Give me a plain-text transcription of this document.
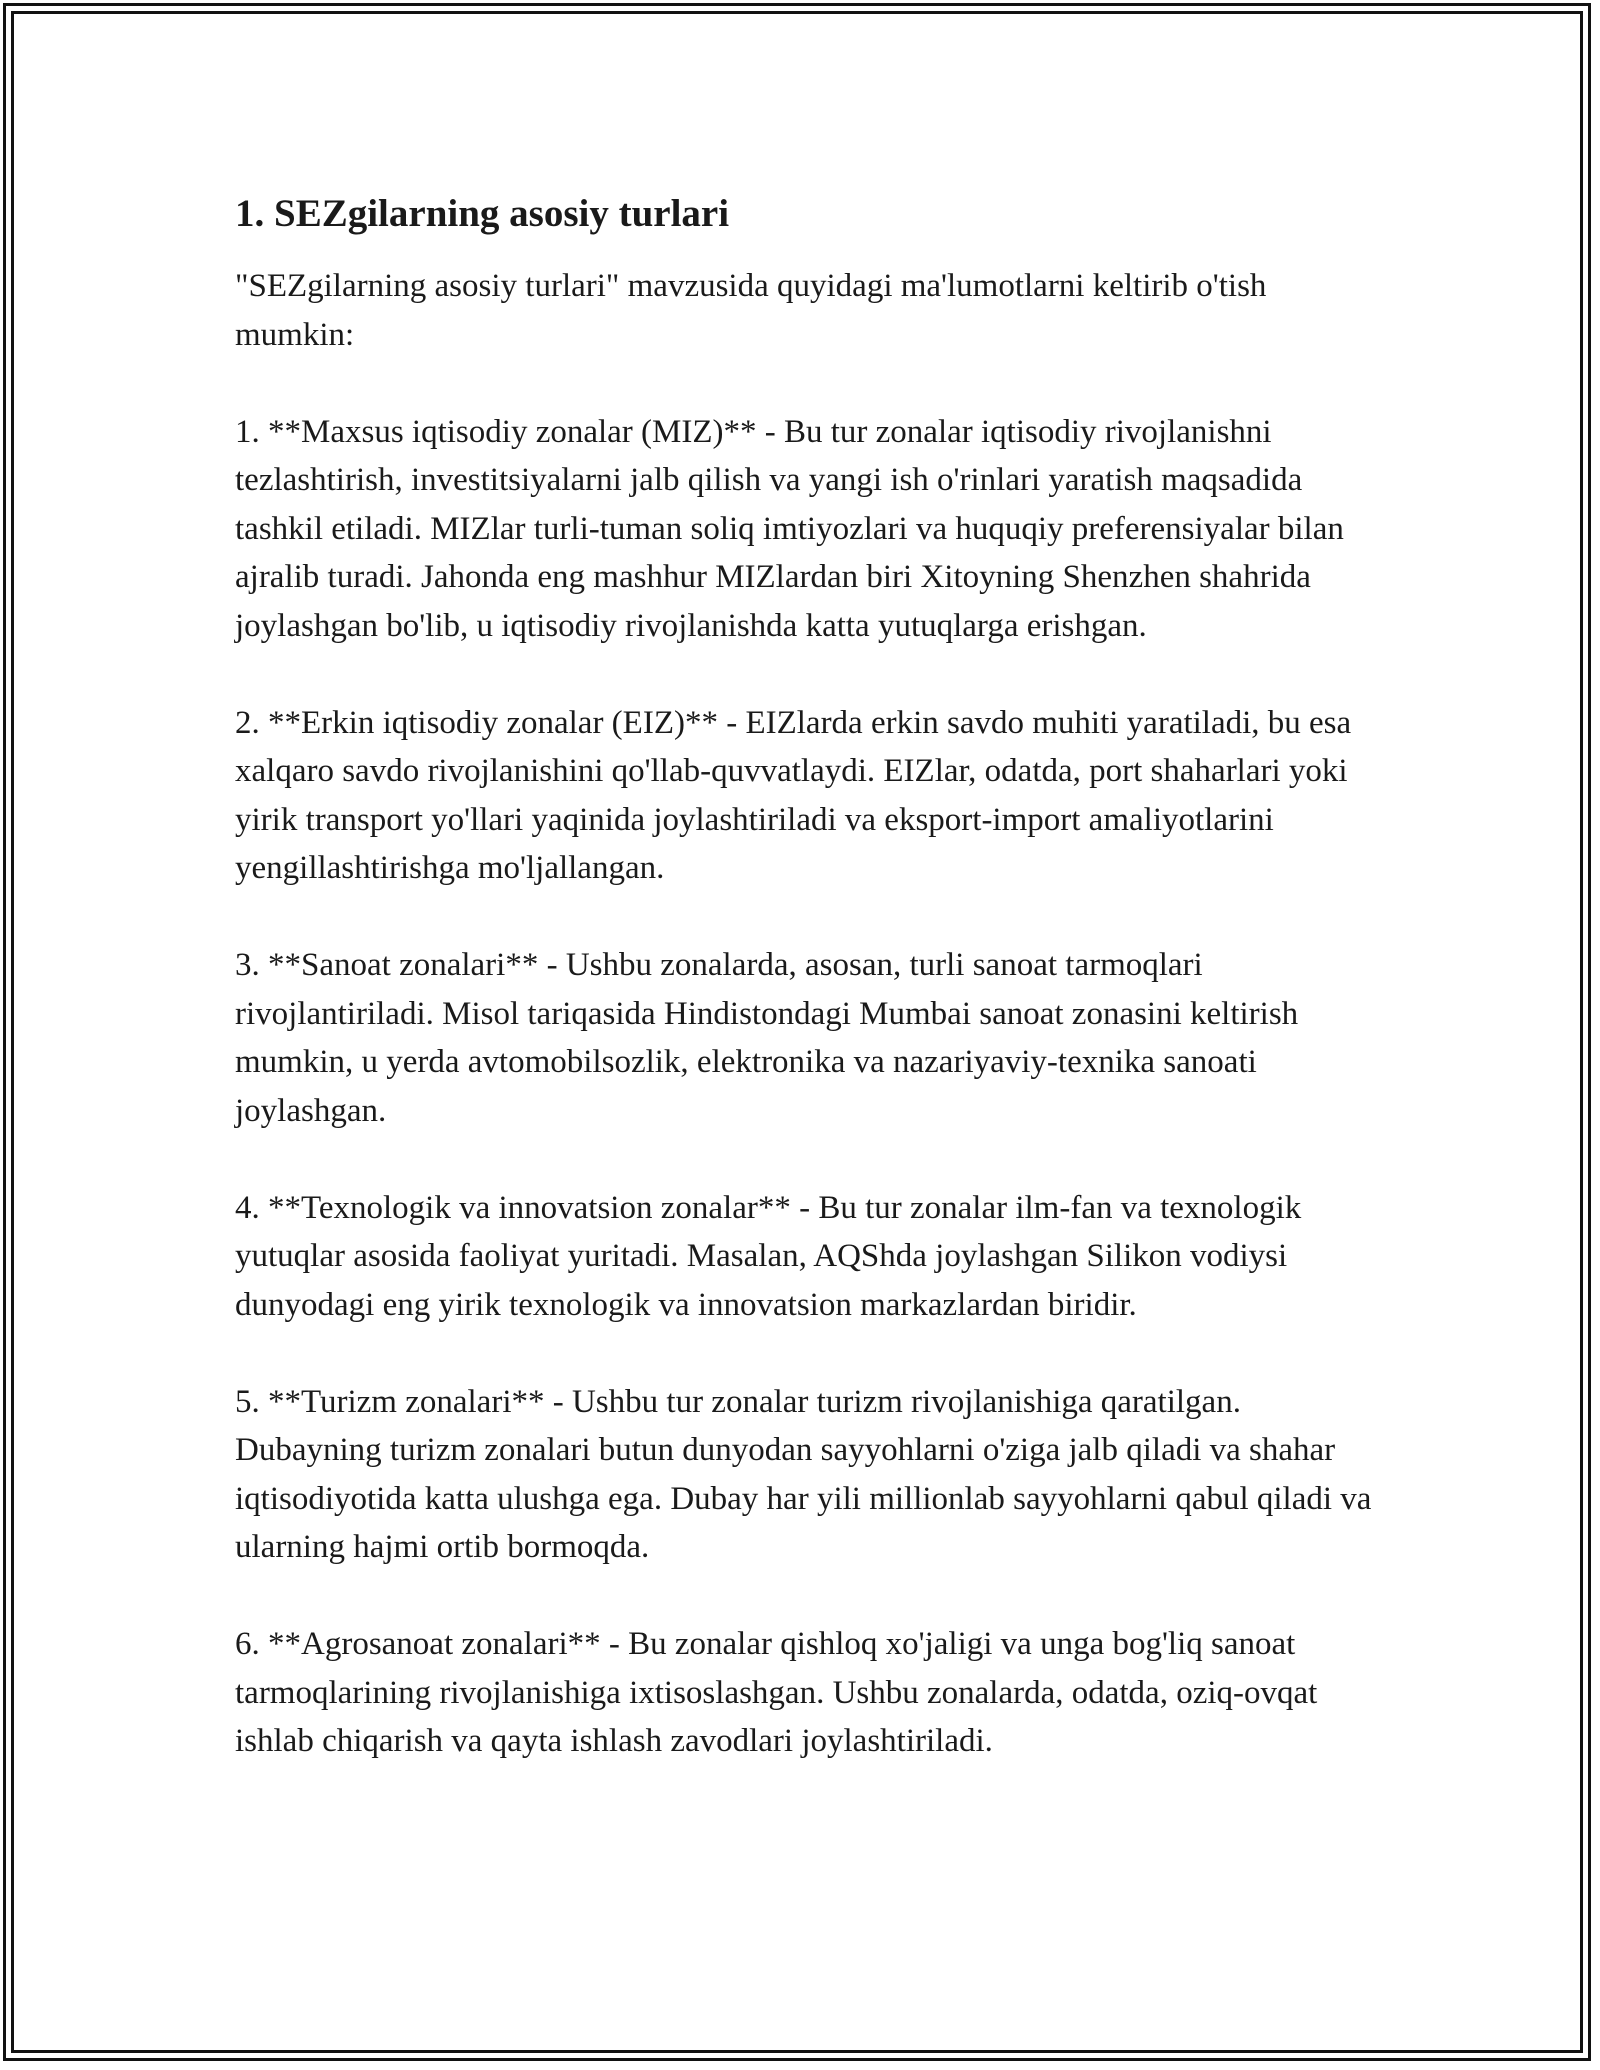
1. SEZgilarning asosiy turlari

"SEZgilarning asosiy turlari" mavzusida quyidagi ma'lumotlarni keltirib o'tish mumkin:

1. **Maxsus iqtisodiy zonalar (MIZ)** - Bu tur zonalar iqtisodiy rivojlanishni tezlashtirish, investitsiyalarni jalb qilish va yangi ish o'rinlari yaratish maqsadida tashkil etiladi. MIZlar turli-tuman soliq imtiyozlari va huquqiy preferensiyalar bilan ajralib turadi. Jahonda eng mashhur MIZlardan biri Xitoyning Shenzhen shahrida joylashgan bo'lib, u iqtisodiy rivojlanishda katta yutuqlarga erishgan.

2. **Erkin iqtisodiy zonalar (EIZ)** - EIZlarda erkin savdo muhiti yaratiladi, bu esa xalqaro savdo rivojlanishini qo'llab-quvvatlaydi. EIZlar, odatda, port shaharlari yoki yirik transport yo'llari yaqinida joylashtiriladi va eksport-import amaliyotlarini yengillashtirishga mo'ljallangan.

3. **Sanoat zonalari** - Ushbu zonalarda, asosan, turli sanoat tarmoqlari rivojlantiriladi. Misol tariqasida Hindistondagi Mumbai sanoat zonasini keltirish mumkin, u yerda avtomobilsozlik, elektronika va nazariyaviy-texnika sanoati joylashgan.

4. **Texnologik va innovatsion zonalar** - Bu tur zonalar ilm-fan va texnologik yutuqlar asosida faoliyat yuritadi. Masalan, AQShda joylashgan Silikon vodiysi dunyodagi eng yirik texnologik va innovatsion markazlardan biridir.

5. **Turizm zonalari** - Ushbu tur zonalar turizm rivojlanishiga qaratilgan. Dubayning turizm zonalari butun dunyodan sayyohlarni o'ziga jalb qiladi va shahar iqtisodiyotida katta ulushga ega. Dubay har yili millionlab sayyohlarni qabul qiladi va ularning hajmi ortib bormoqda.

6. **Agrosanoat zonalari** - Bu zonalar qishloq xo'jaligi va unga bog'liq sanoat tarmoqlarining rivojlanishiga ixtisoslashgan. Ushbu zonalarda, odatda, oziq-ovqat ishlab chiqarish va qayta ishlash zavodlari joylashtiriladi.
